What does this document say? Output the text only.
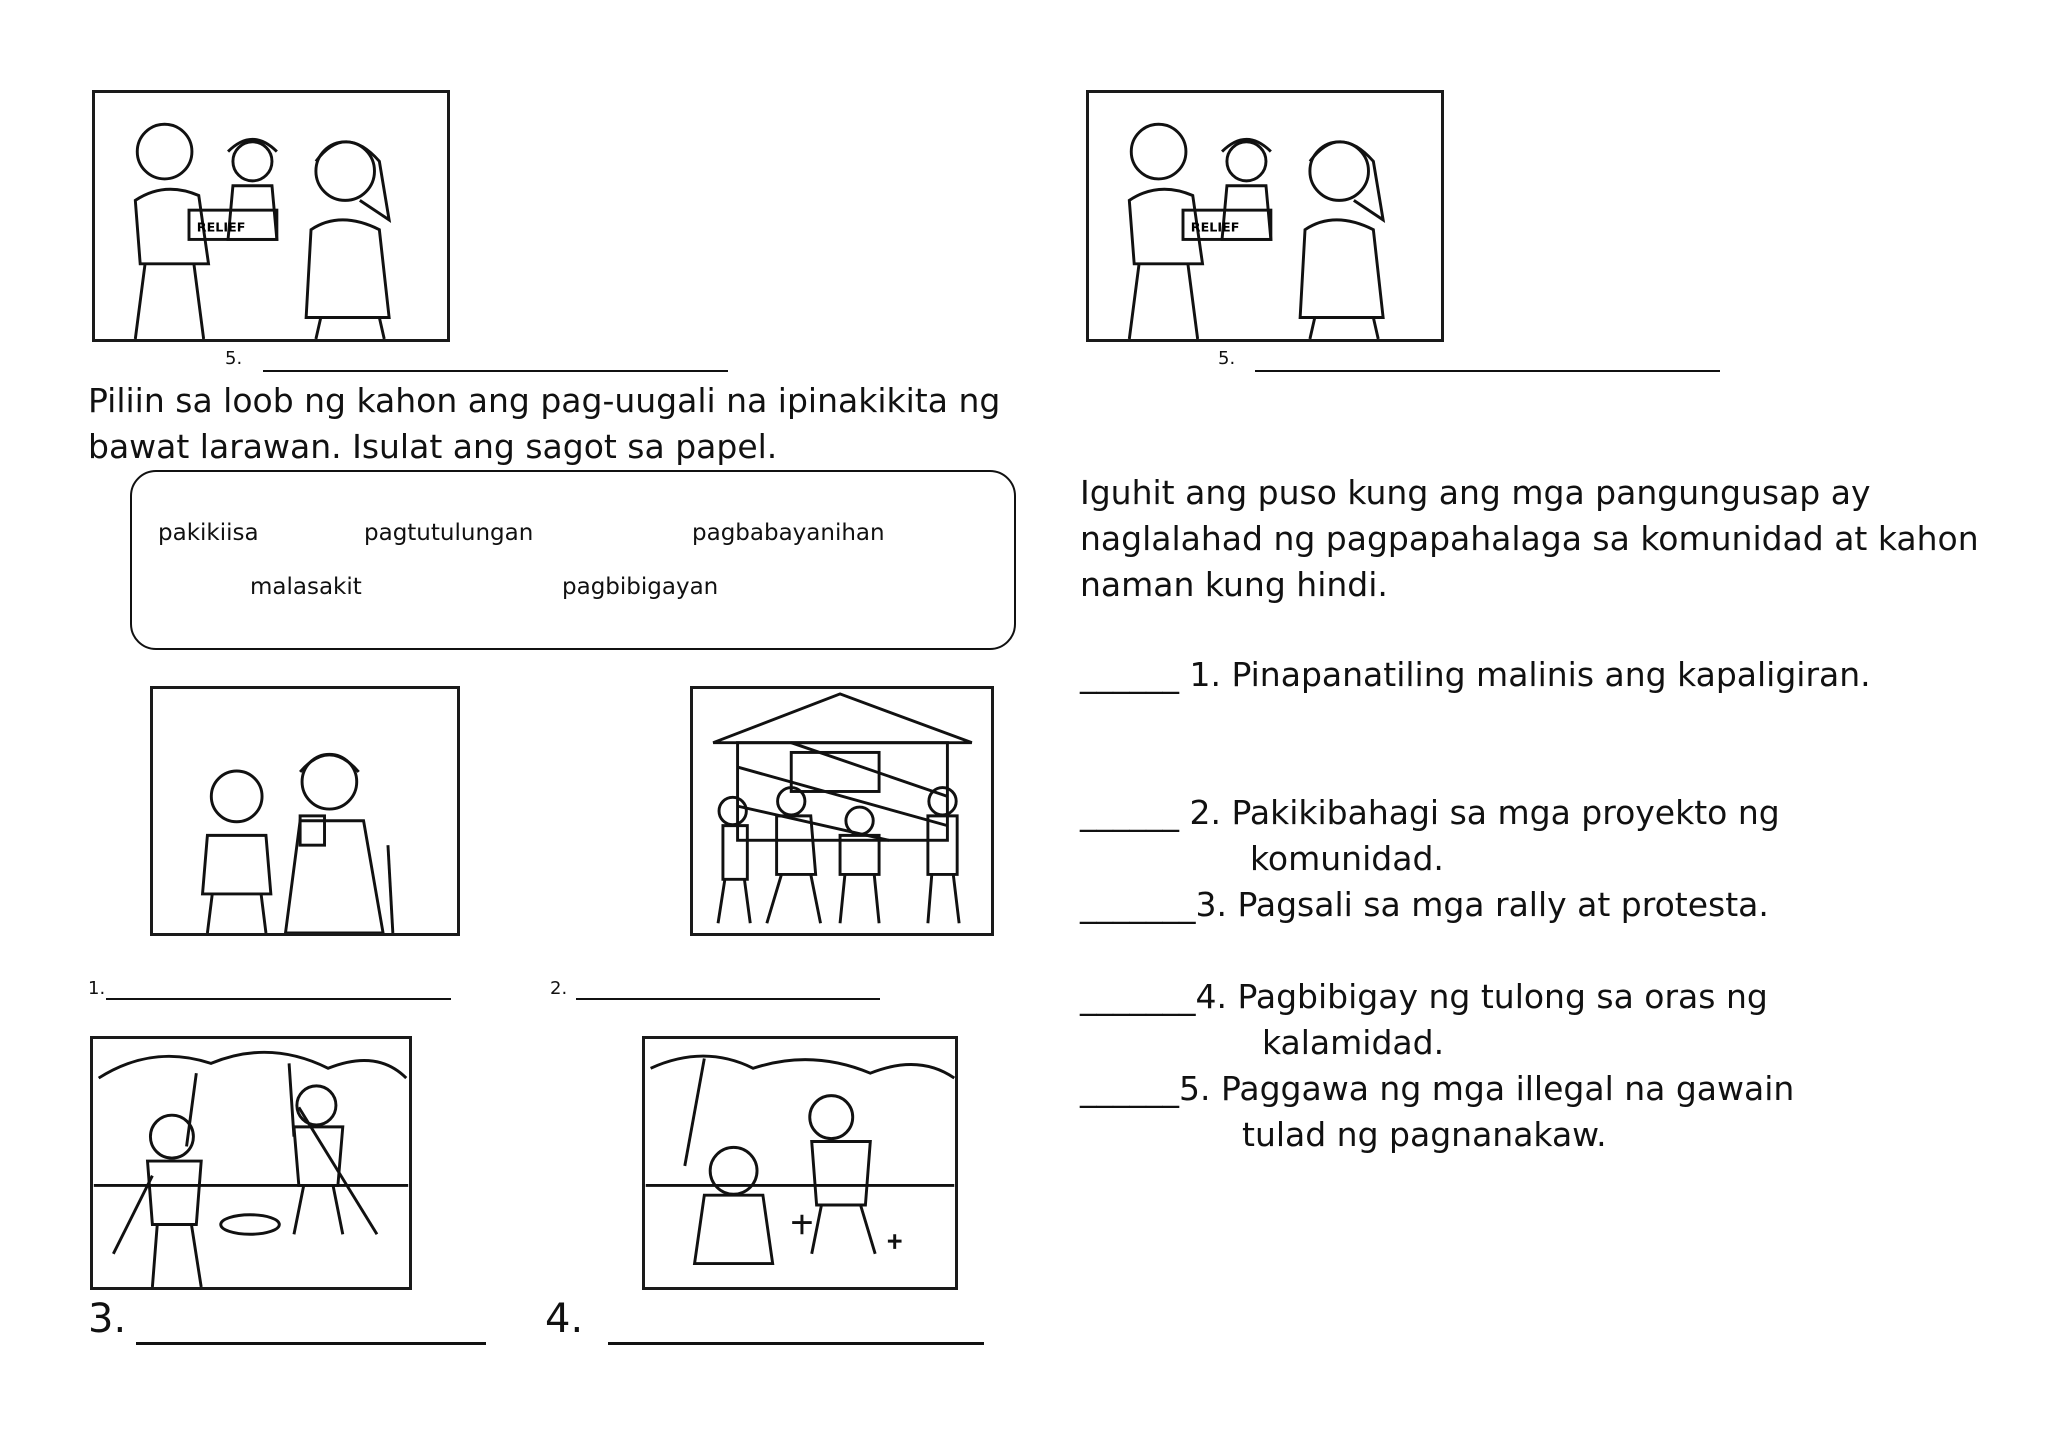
RELIEF
5.
RELIEF
5.
Piliin sa loob ng kahon ang pag-uugali na ipinakikita ng
bawat larawan. Isulat ang sagot sa papel.
pakikiisa	pagtutulungan	pagbabayanihan
malasakit	pagbibigayan
1.	2.
3.	4.
Iguhit ang puso kung ang mga pangungusap ay
naglalahad ng pagpapahalaga sa komunidad at kahon
naman kung hindi.
______ 1. Pinapanatiling malinis ang kapaligiran.
______ 2. Pakikibahagi sa mga proyekto ng
komunidad.
_______3. Pagsali sa mga rally at protesta.
_______4. Pagbibigay ng tulong sa oras ng
kalamidad.
______5. Paggawa ng mga illegal na gawain
tulad ng pagnanakaw.
